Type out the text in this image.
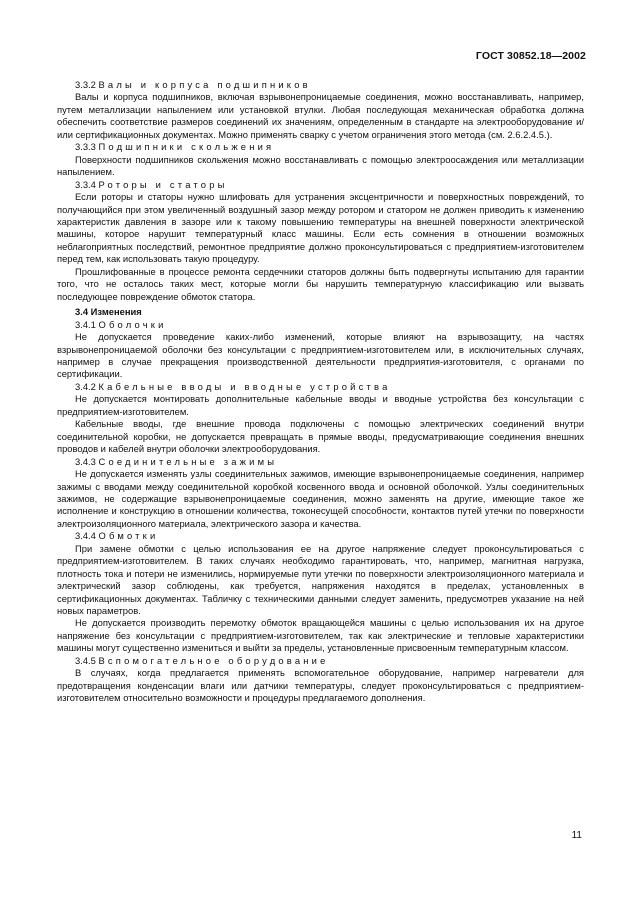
ГОСТ 30852.18—2002

3.3.2 Валы и корпуса подшипников

Валы и корпуса подшипников, включая взрывонепроницаемые соединения, можно восстанавливать, например, путем металлизации напылением или установкой втулки. Любая последующая механическая обработка должна обеспечить соответствие размеров соединений их значениям, определенным в стандарте на электрооборудование и/или сертификационных документах. Можно применять сварку с учетом ограничения этого метода (см. 2.6.2.4.5.).

3.3.3 Подшипники скольжения

Поверхности подшипников скольжения можно восстанавливать с помощью электроосаждения или металлизации напылением.

3.3.4 Роторы и статоры

Если роторы и статоры нужно шлифовать для устранения эксцентричности и поверхностных повреждений, то получающийся при этом увеличенный воздушный зазор между ротором и статором не должен приводить к изменению характеристик давления в зазоре или к такому повышению температуры на внешней поверхности электрической машины, которое нарушит температурный класс машины. Если есть сомнения в отношении возможных неблагоприятных последствий, ремонтное предприятие должно проконсультироваться с предприятием-изготовителем перед тем, как использовать такую процедуру.

Прошлифованные в процессе ремонта сердечники статоров должны быть подвергнуты испытанию для гарантии того, что не осталось таких мест, которые могли бы нарушить температурную классификацию или вызвать последующее повреждение обмоток статора.

3.4 Изменения

3.4.1 Оболочки

Не допускается проведение каких-либо изменений, которые влияют на взрывозащиту, на частях взрывонепроницаемой оболочки без консультации с предприятием-изготовителем или, в исключительных случаях, например в случае прекращения производственной деятельности предприятия-изготовителя, с органами по сертификации.

3.4.2 Кабельные вводы и вводные устройства

Не допускается монтировать дополнительные кабельные вводы и вводные устройства без консультации с предприятием-изготовителем.

Кабельные вводы, где внешние провода подключены с помощью электрических соединений внутри соединительной коробки, не допускается превращать в прямые вводы, предусматривающие соединения внешних проводов и кабелей внутри оболочки электрооборудования.

3.4.3 Соединительные зажимы

Не допускается изменять узлы соединительных зажимов, имеющие взрывонепроницаемые соединения, например зажимы с вводами между соединительной коробкой косвенного ввода и основной оболочкой. Узлы соединительных зажимов, не содержащие взрывонепроницаемые соединения, можно заменять на другие, имеющие такое же исполнение и конструкцию в отношении количества, токонесущей способности, контактов путей утечки по поверхности электроизоляционного материала, электрического зазора и качества.

3.4.4 Обмотки

При замене обмотки с целью использования ее на другое напряжение следует проконсультироваться с предприятием-изготовителем. В таких случаях необходимо гарантировать, что, например, магнитная нагрузка, плотность тока и потери не изменились, нормируемые пути утечки по поверхности электроизоляционного материала и электрический зазор соблюдены, как требуется, напряжения находятся в пределах, установленных в сертификационных документах. Табличку с техническими данными следует заменить, предусмотрев указание на ней новых параметров.

Не допускается производить перемотку обмоток вращающейся машины с целью использования их на другое напряжение без консультации с предприятием-изготовителем, так как электрические и тепловые характеристики машины могут существенно измениться и выйти за пределы, установленные присвоенным температурным классом.

3.4.5 Вспомогательное оборудование

В случаях, когда предлагается применять вспомогательное оборудование, например нагреватели для предотвращения конденсации влаги или датчики температуры, следует проконсультироваться с предприятием-изготовителем относительно возможности и процедуры предлагаемого дополнения.

11
